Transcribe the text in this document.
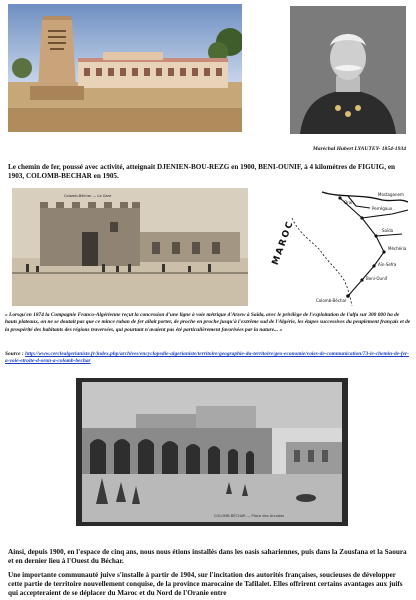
Maréchal Hubert LYAUTEY- 1854-1934
Le chemin de fer, poussé avec activité, atteignait DJENIEN-BOU-REZG en 1900, BENI-OUNIF, à 4 kilomètres de FIGUIG, en 1903, COLOMB-BECHAR en 1905.
Colomb-Béchar — La Gare	Mostaganem
Oran
Perrégaux
Saïda
Méchéria
Aïn-Sefra
Beni-Ounif
Colomb-Béchar
MAROC
« Lorsqu'en 1874 la Compagnie Franco-Algérienne reçut la concession d'une ligne à voie métrique d'Arzew à Saïda, avec le privilège de l'exploitation de l'alfa sur 300 000 ha de hauts plateaux, on ne se doutait pas que ce mince ruban de fer allait porter, de proche en proche jusqu'à l'extrême sud de l'Algérie, les étapes successives du peuplement français et de la prospérité des habitants des régions traversées, qui pourtant n'avaient pas été particulièrement favorisées par la nature... »
Source : http://www.cerclealgerianiste.fr/index.php/archives/encyclopedie-algerianiste/territoire/geographie-du-territoire/geo-economie/voies-de-communication/73-le-chemin-de-fer-a-voie-etroite-d-oran-a-colomb-bechar
COLOMB-BÉCHAR — Place des Arcades
Ainsi, depuis 1900, en l'espace de cinq ans, nous nous étions installés dans les oasis sahariennes, puis dans la Zousfana et la Saoura et en dernier lieu à l'Ouest du Béchar.
Une importante communauté juive s'installe à partir de 1904, sur l'incitation des autorités françaises, soucieuses de développer cette partie de territoire nouvellement conquise, de la province marocaine de Tafilalet. Elles offrirent certains avantages aux juifs qui accepteraient de se déplacer du Maroc et du Nord de l'Oranie entre
